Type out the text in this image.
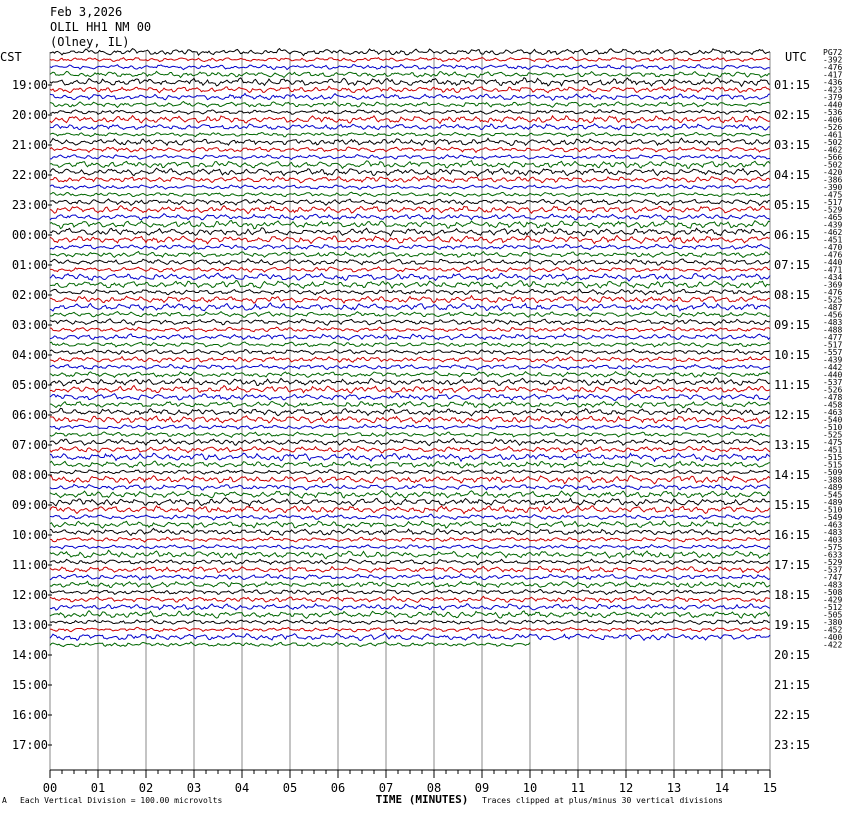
Feb 3,2026
OLIL HH1 NM 00
(Olney, IL)
CST	UTC
19:00
20:00
21:00
22:00
23:00
00:00
01:00
02:00
03:00
04:00
05:00
06:00
07:00
08:00
09:00
10:00
11:00
12:00
13:00
14:00
15:00
16:00
17:00
01:15
02:15
03:15
04:15
05:15
06:15
07:15
08:15
09:15
10:15
11:15
12:15
13:15
14:15
15:15
16:15
17:15
18:15
19:15
20:15
21:15
22:15
23:15
PG72
-392
-476
-417
-436
-423
-379
-440
-536
-406
-526
-461
-502
-462
-566
-502
-420
-386
-390
-475
-517
-529
-465
-439
-462
-451
-470
-476
-440
-471
-434
-369
-476
-525
-487
-456
-483
-488
-477
-517
-557
-439
-442
-440
-537
-526
-478
-458
-463
-540
-510
-525
-475
-451
-515
-515
-509
-388
-489
-545
-489
-510
-549
-463
-483
-403
-575
-633
-529
-537
-747
-483
-508
-429
-512
-505
-380
-452
-400
-422
00	01	02	03	04	05	06	07	08	09	10	11	12	13	14	15
A Each Vertical Division = 100.00 microvolts	TIME (MINUTES) Traces clipped at plus/minus 30 vertical divisions
